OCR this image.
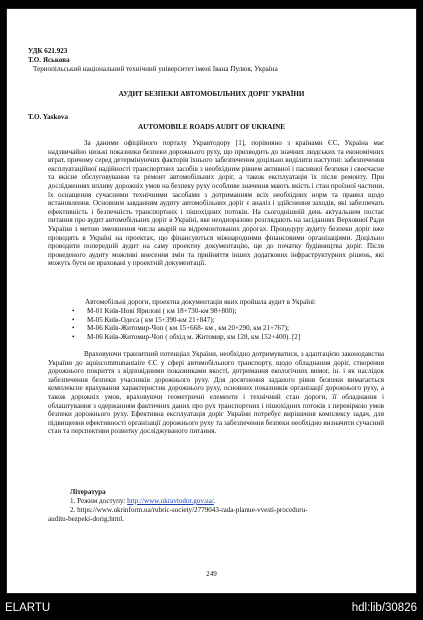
УДК 621.923
Т.О. Яськова
Тернопільський національний технічний університет імені Івана Пулюя, Україна
АУДИТ БЕЗПЕКИ АВТОМОБІЛЬНИХ ДОРІГ УКРАЇНИ
T.O. Yaskova
AUTOMOBILE ROADS AUDIT OF UKRAINE
За даними офіційного порталу Укравтодору [1], порівняно з країнами ЄС, Україна має надзвичайно низькі показники безпеки дорожнього руху, що призводить до значних людських та економічних втрат, причому серед детермінуючих факторів їхнього забезпечення доцільно виділити наступні: забезпечення експлуатаційної надійності транспортних засобів з необхідним рівнем активної і пасивної безпеки і своєчасне та якісне обслуговування та ремонт автомобільних доріг, а також експлуатація їх після ремонту. При дослідженнях впливу дорожніх умов на безпеку руху особливе значення мають якість і стан проїзної частини, їх оснащення сучасними технічними засобами з дотриманням всіх необхідних норм та правил щодо встановлення. Основним завданням аудиту автомобільних доріг є аналіз і здійснення заходів, які забезпечать ефективність і безпечність транспортних і пішохідних потоків. На сьогоднішній день актуальним постає питання про аудит автомобільних доріг в Україні, яке неодноразово розглядають на засіданнях Верховної Ради України з метою зменшення числа аварій на відремонтованих дорогах. Процедуру аудиту безпеки доріг вже проводять в Україні на проектах, що фінансуються міжнародними фінансовими організаціями. Доцільно проводити попередній аудит на саму проектну документацію, ще до початку будівництва доріг. Після проведеного аудиту можливі внесення змін та прийняття інших додаткових інфраструктурних рішень, які можуть бути не враховані у проектній документації.
Автомобільні дороги, проектна документація яких пройшла аудит в Україні:
• М-01 Київ-Нові Ярилові ( км 18+730-км 98+800);
• М-05 Київ-Одеса ( км 15+390-км 21+847);
• М-06 Київ-Житомир-Чоп ( км 15+668- км , км 20+290, км 21+767);
• М-06 Київ-Житомир-Чоп ( обхід м. Житомир, км 128, км 152+400). [2]
Враховуючи транзитний потенціал України, необхідно дотримуватися, з адаптацією законодавства України до aquiscommunautaire ЄС у сфері автомобільного транспорту, щодо обладнання доріг, створення дорожнього покриття з відповідними показниками якості, дотримання екологічних вимог, ін. і як наслідок забезпечення безпеки учасників дорожнього руху. Для досягнення заданого рівня безпеки вимагається комплексне врахування характеристик дорожнього руху, основних показників організації дорожнього руху, а також дорожніх умов, враховуючи геометричні елементи і технічний стан дороги, її обладнання і облаштування з одержанням фактичних даних про рух транспортних і пішохідних потоків з перевіркою умов безпеки дорожнього руху. Ефективна експлуатація доріг України потребує вирішення комплексу задач, для підвищення ефективності організації дорожнього руху та забезпечення безпеки необхідно визначити сучасний стан та перспективи розвитку досліджуваного питання.
Література
1. Режим доступу: http://www.ukravtodor.gov.ua/.
2. https://www.ukrinform.ua/rubric-society/2779043-rada-planue-vvesti-proceduru-
auditu-bezpeki-dorig.html.
249
ELARTU	hdl:lib/30826
